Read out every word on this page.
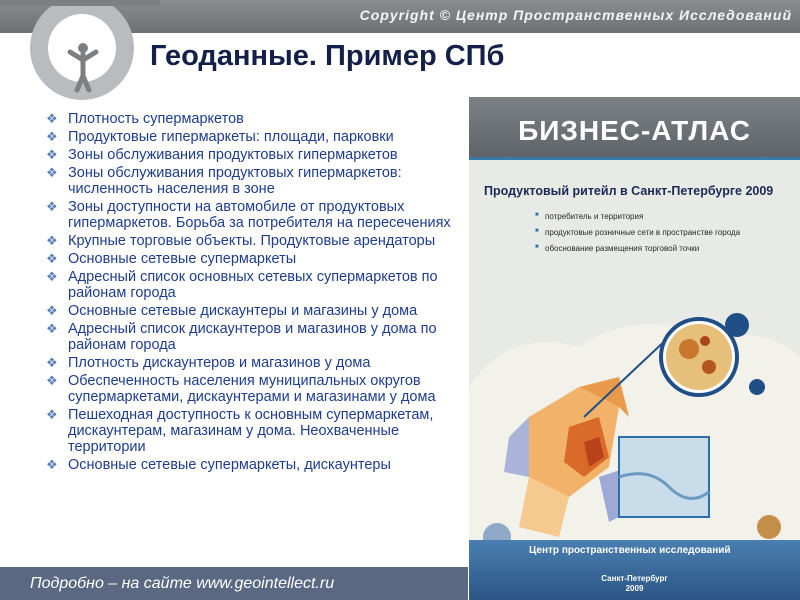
Copyright © Центр Пространственных Исследований
Геоданные. Пример СПб
❖ Плотность супермаркетов
❖ Продуктовые гипермаркеты: площади, парковки
❖ Зоны обслуживания продуктовых гипермаркетов
❖ Зоны обслуживания продуктовых гипермаркетов: численность населения в зоне
❖ Зоны доступности на автомобиле от продуктовых гипермаркетов. Борьба за потребителя на пересечениях
❖ Крупные торговые объекты. Продуктовые арендаторы
❖ Основные сетевые супермаркеты
❖ Адресный список основных сетевых супермаркетов по районам города
❖ Основные сетевые дискаунтеры и магазины у дома
❖ Адресный список дискаунтеров и магазинов у дома по районам города
❖ Плотность дискаунтеров и магазинов у дома
❖ Обеспеченность населения муниципальных округов супермаркетами, дискаунтерами и магазинами у дома
❖ Пешеходная доступность к основным супермаркетам, дискаунтерам, магазинам у дома. Неохваченные территории
❖ Основные сетевые супермаркеты, дискаунтеры
БИЗНЕС-АТЛАС
Продуктовый ритейл в Санкт-Петербурге 2009
■ потребитель и территория
■ продуктовые розничные сети в пространстве города
■ обоснование размещения торговой точки
Центр пространственных исследований
Санкт-Петербург
2009
Подробно – на сайте www.geointellect.ru
